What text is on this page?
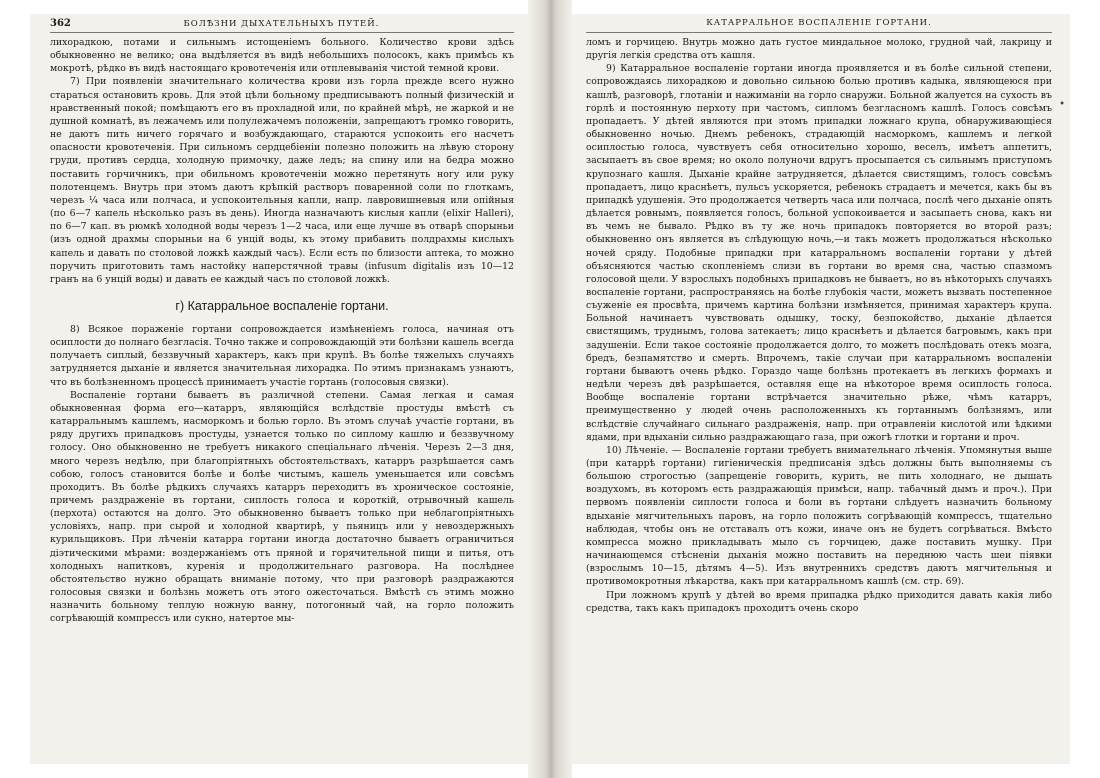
362	БОЛѢЗНИ ДЫХАТЕЛЬНЫХЪ ПУТЕЙ.

лихорадкою, потами и сильнымъ истощеніемъ больного. Количество крови здѣсь обыкновенно не велико; она выдѣляется въ видѣ небольшихъ полосокъ, какъ примѣсь къ мокротѣ, рѣдко въ видѣ настоящаго кровотеченія или отплевыванія чистой темной крови.

7) При появленіи значительнаго количества крови изъ горла прежде всего нужно стараться остановить кровь. Для этой цѣли больному предписываютъ полный физическій и нравственный покой; помѣщаютъ его въ прохладной или, по крайней мѣрѣ, не жаркой и не душной комнатѣ, въ лежачемъ или полулежачемъ положеніи, запрещаютъ громко говорить, не даютъ пить ничего горячаго и возбуждающаго, стараются успокоить его насчетъ опасности кровотеченія. При сильномъ сердцебіеніи полезно положить на лѣвую сторону груди, противъ сердца, холодную примочку, даже ледъ; на спину или на бедра можно поставить горчичникъ, при обильномъ кровотеченіи можно перетянуть ногу или руку полотенцемъ. Внутрь при этомъ даютъ крѣпкій растворъ поваренной соли по глоткамъ, черезъ ¼ часа или полчаса, и успокоительныя капли, напр. лавровишневыя или опійныя (по 6—7 капель нѣсколько разъ въ день). Иногда назначаютъ кислыя капли (elixir Halleri), по 6—7 кап. въ рюмкѣ холодной воды черезъ 1—2 часа, или еще лучше въ отварѣ спорыньи (изъ одной драхмы спорыньи на 6 унцій воды, къ этому прибавить полдрахмы кислыхъ капель и давать по столовой ложкѣ каждый часъ). Если есть по близости аптека, то можно поручить приготовить тамъ настойку наперстячной травы (infusum digitalis изъ 10—12 гранъ на 6 унцій воды) и давать ее каждый часъ по столовой ложкѣ.

г) Катарральное воспаленіе гортани.

8) Всякое пораженіе гортани сопровождается измѣненіемъ голоса, начиная отъ осиплости до полнаго безгласія. Точно также и сопровождающій эти болѣзни кашель всегда получаетъ сиплый, беззвучный характеръ, какъ при крупѣ. Въ болѣе тяжелыхъ случаяхъ затрудняется дыханіе и является значительная лихорадка. По этимъ признакамъ узнаютъ, что въ болѣзненномъ процессѣ принимаетъ участіе гортань (голосовыя связки).

Воспаленіе гортани бываетъ въ различной степени. Самая легкая и самая обыкновенная форма его—катарръ, являющійся вслѣдствіе простуды вмѣстѣ съ катарральнымъ кашлемъ, насморкомъ и болью горло. Въ этомъ случаѣ участіе гортани, въ ряду другихъ припадковъ простуды, узнается только по сиплому кашлю и беззвучному голосу. Оно обыкновенно не требуетъ никакого спеціальнаго лѣченія. Черезъ 2—3 дня, много черезъ недѣлю, при благопріятныхъ обстоятельствахъ, катарръ разрѣшается самъ собою, голосъ становится болѣе и болѣе чистымъ, кашель уменьшается или совсѣмъ проходитъ. Въ болѣе рѣдкихъ случаяхъ катарръ переходитъ въ хроническое состояніе, причемъ раздраженіе въ гортани, сиплость голоса и короткій, отрывочный кашель (перхота) остаются на долго. Это обыкновенно бываетъ только при неблагопріятныхъ условіяхъ, напр. при сырой и холодной квартирѣ, у пьяницъ или у невоздержныхъ курильщиковъ. При лѣченіи катарра гортани иногда достаточно бываетъ ограничиться діэтическими мѣрами: воздержаніемъ отъ пряной и горячительной пищи и питья, отъ холодныхъ напитковъ, куренія и продолжительнаго разговора. На послѣднее обстоятельство нужно обращать вниманіе потому, что при разговорѣ раздражаются голосовыя связки и болѣзнь можетъ отъ этого ожесточаться. Вмѣстѣ съ этимъ можно назначить больному теплую ножную ванну, потогонный чай, на горло положить согрѣвающій компрессъ или сукно, натертое мы-

КАТАРРАЛЬНОЕ ВОСПАЛЕНІЕ ГОРТАНИ.

ломъ и горчицею. Внутрь можно дать густое миндальное молоко, грудной чай, лакрицу и другія легкія средства отъ кашля.

9) Катарральное воспаленіе гортани иногда проявляется и въ болѣе сильной степени, сопровождаясь лихорадкою и довольно сильною болью противъ кадыка, являющеюся при кашлѣ, разговорѣ, глотаніи и нажиманіи на горло снаружи. Больной жалуется на сухость въ горлѣ и постоянную перхоту при частомъ, сипломъ безгласномъ кашлѣ. Голосъ совсѣмъ пропадаетъ. У дѣтей являются при этомъ припадки ложнаго крупа, обнаруживающіеся обыкновенно ночью. Днемъ ребенокъ, страдающій насморкомъ, кашлемъ и легкой осиплостью голоса, чувствуетъ себя относительно хорошо, веселъ, имѣетъ аппетитъ, засыпаетъ въ свое время; но около полуночи вдругъ просыпается съ сильнымъ приступомъ крупознаго кашля. Дыханіе крайне затрудняется, дѣлается свистящимъ, голосъ совсѣмъ пропадаетъ, лицо краснѣетъ, пульсъ ускоряется, ребенокъ страдаетъ и мечется, какъ бы въ припадкѣ удушенія. Это продолжается четверть часа или полчаса, послѣ чего дыханіе опять дѣлается ровнымъ, появляется голосъ, больной успокоивается и засыпаетъ снова, какъ ни въ чемъ не бывало. Рѣдко въ ту же ночь припадокъ повторяется во второй разъ; обыкновенно онъ является въ слѣдующую ночь,—и такъ можетъ продолжаться нѣсколько ночей сряду. Подобные припадки при катарральномъ воспаленіи гортани у дѣтей объясняются частью скопленіемъ слизи въ гортани во время сна, частью спазмомъ голосовой щели. У взрослыхъ подобныхъ припадковъ не бываетъ, но въ нѣкоторыхъ случаяхъ воспаленіе гортани, распространяясь на болѣе глубокія части, можетъ вызвать постепенное съуженіе ея просвѣта, причемъ картина болѣзни измѣняется, принимая характеръ крупа. Больной начинаетъ чувствовать одышку, тоску, безпокойство, дыханіе дѣлается свистящимъ, труднымъ, голова затекаетъ; лицо краснѣетъ и дѣлается багровымъ, какъ при задушеніи. Если такое состояніе продолжается долго, то можетъ послѣдовать отекъ мозга, бредъ, безпамятство и смерть. Впрочемъ, такіе случаи при катарральномъ воспаленіи гортани бываютъ очень рѣдко. Гораздо чаще болѣзнь протекаетъ въ легкихъ формахъ и недѣли черезъ двѣ разрѣшается, оставляя еще на нѣкоторое время осиплость голоса. Вообще воспаленіе гортани встрѣчается значительно рѣже, чѣмъ катарръ, преимущественно у людей очень расположенныхъ къ гортаннымъ болѣзнямъ, или вслѣдствіе случайнаго сильнаго раздраженія, напр. при отравленіи кислотой или ѣдкими ядами, при вдыханіи сильно раздражающаго газа, при ожогѣ глотки и гортани и проч.

10) Лѣченіе. — Воспаленіе гортани требуетъ внимательнаго лѣченія. Упомянутыя выше (при катаррѣ гортани) гигіеническія предписанія здѣсь должны быть выполняемы съ большою строгостью (запрещеніе говорить, курить, не пить холоднаго, не дышать воздухомъ, въ которомъ есть раздражающія примѣси, напр. табачный дымъ и проч.). При первомъ появленіи сиплости голоса и боли въ гортани слѣдуетъ назначить больному вдыханіе мягчительныхъ паровъ, на горло положить согрѣвающій компрессъ, тщательно наблюдая, чтобы онъ не отставалъ отъ кожи, иначе онъ не будетъ согрѣваться. Вмѣсто компресса можно прикладывать мыло съ горчицею, даже поставить мушку. При начинающемся стѣсненіи дыханія можно поставить на переднюю часть шеи піявки (взрослымъ 10—15, дѣтямъ 4—5). Изъ внутреннихъ средствъ даютъ мягчительныя и противомокротныя лѣкарства, какъ при катарральномъ кашлѣ (см. стр. 69).

При ложномъ крупѣ у дѣтей во время припадка рѣдко приходится давать какія либо средства, такъ какъ припадокъ проходитъ очень скоро

•
